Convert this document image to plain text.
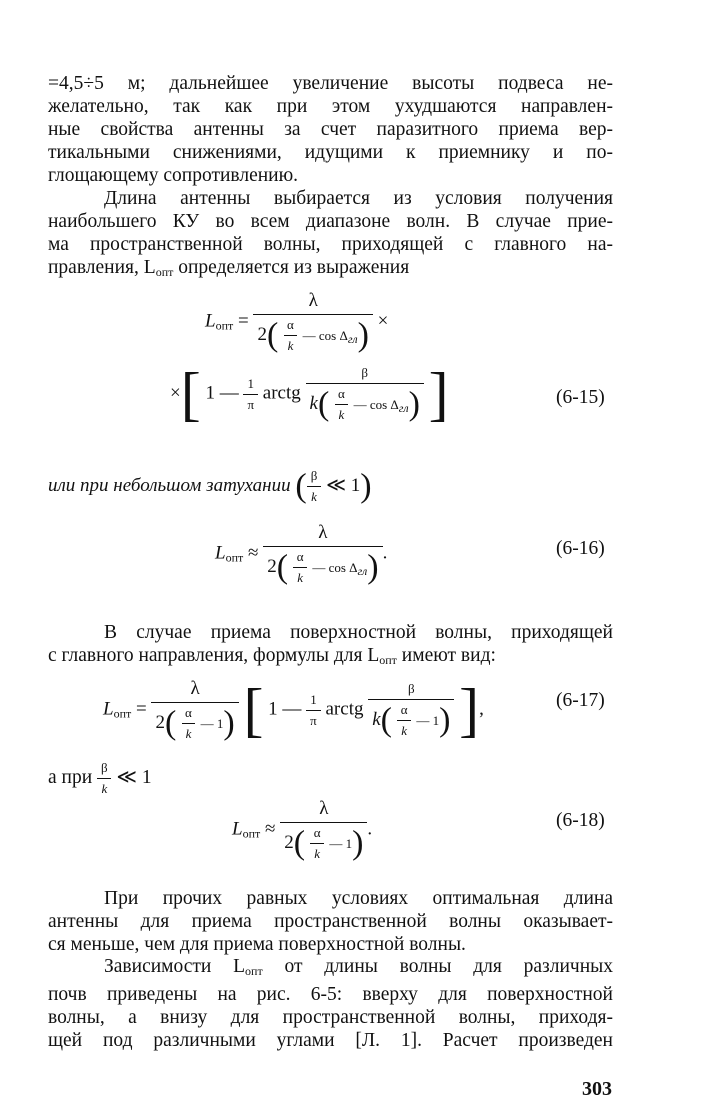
=4,5÷5 м; дальнейшее увеличение высоты подвеса не-
желательно, так как при этом ухудшаются направлен-
ные свойства антенны за счет паразитного приема вер-
тикальными снижениями, идущими к приемнику и по-
глощающему сопротивлению.

Длина антенны выбирается из условия получения
наибольшего КУ во всем диапазоне волн. В случае прие-
ма пространственной волны, приходящей с главного на-
правления, $L_{опт}$ определяется из выражения

$L_{опт} = \frac{\lambda}{2( \frac{\alpha}{k} — \cos \Delta_{гл})}$ ×
×[ 1 — $\frac{1}{\pi}$ arctg $\frac{\beta}{k( \frac{\alpha}{k} — \cos \Delta_{гл})}$ ]	(6-15)
или при небольшом затухании ( $\frac{\beta}{k}$ ≪ 1)
$L_{опт} \approx \frac{\lambda}{2( \frac{\alpha}{k} — \cos \Delta_{гл})}$ .	(6-16)

В случае приема поверхностной волны, приходящей
с главного направления, формулы для $L_{опт}$ имеют вид:

$L_{опт} = \frac{\lambda}{2( \frac{\alpha}{k} — 1)}$ [ 1 — $\frac{1}{\pi}$ arctg $\frac{\beta}{k( \frac{\alpha}{k} — 1)}$ ],	(6-17)
а при $\frac{\beta}{k}$ ≪ 1
$L_{опт} \approx \frac{\lambda}{2( \frac{\alpha}{k} — 1)}$ .	(6-18)

При прочих равных условиях оптимальная длина
антенны для приема пространственной волны оказывает-
ся меньше, чем для приема поверхностной волны.

Зависимости $L_{опт}$ от длины волны для различных
почв приведены на рис. 6-5: вверху для поверхностной
волны, а внизу для пространственной волны, приходя-
щей под различными углами [Л. 1]. Расчет произведен

303
